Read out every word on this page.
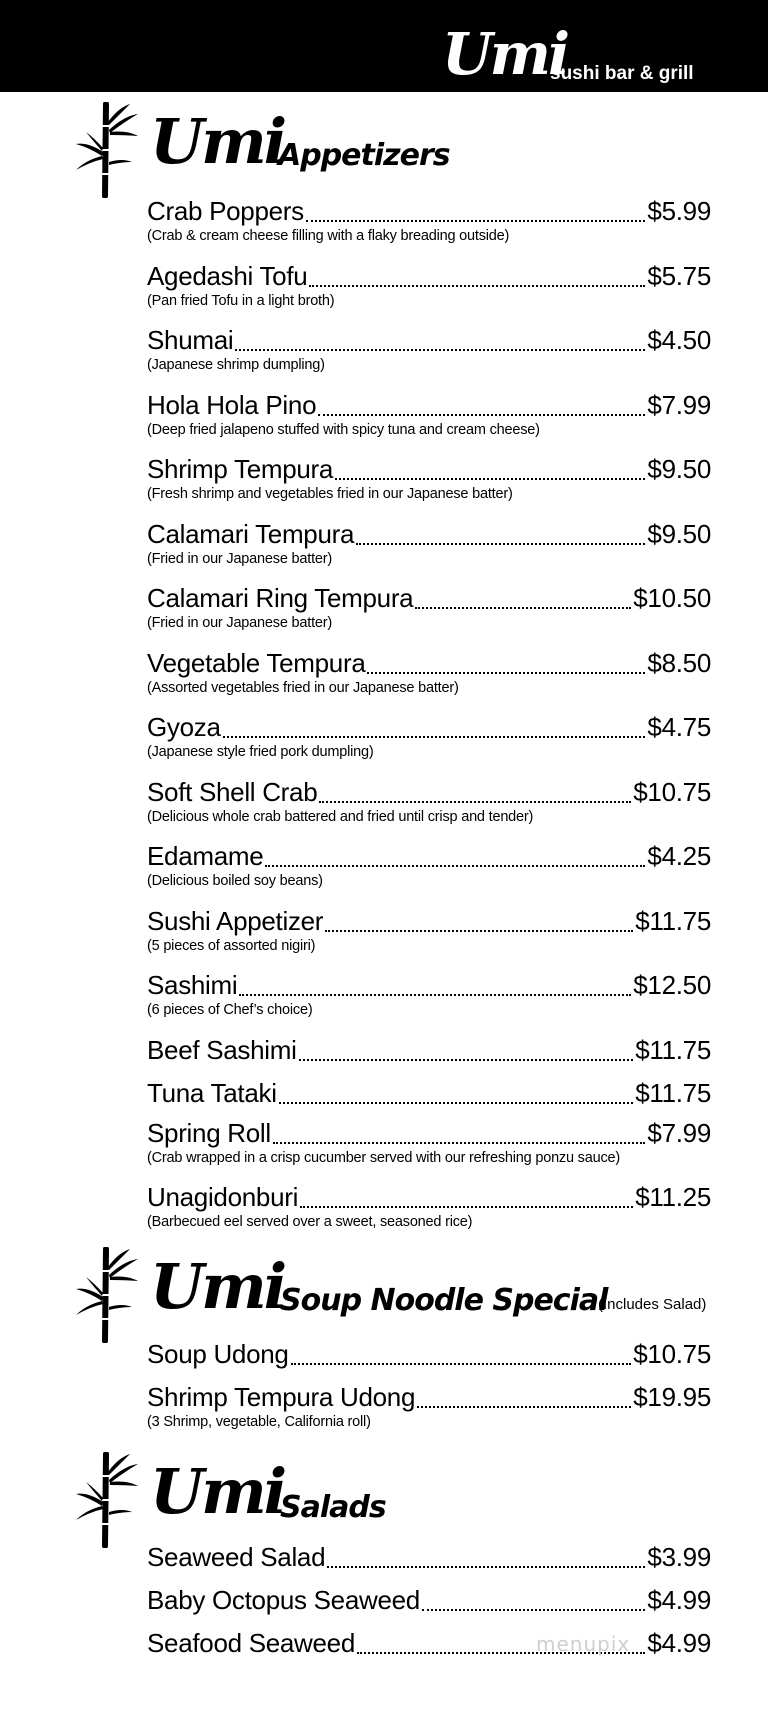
Umi
sushi bar & grill
Umi
Appetizers
Crab Poppers	$5.99
(Crab & cream cheese filling with a flaky breading outside)
Agedashi Tofu	$5.75
(Pan fried Tofu in a light broth)
Shumai	$4.50
(Japanese shrimp dumpling)
Hola Hola Pino	$7.99
(Deep fried jalapeno stuffed with spicy tuna and cream cheese)
Shrimp Tempura	$9.50
(Fresh shrimp and vegetables fried in our Japanese batter)
Calamari Tempura	$9.50
(Fried in our Japanese batter)
Calamari Ring Tempura	$10.50
(Fried in our Japanese batter)
Vegetable Tempura	$8.50
(Assorted vegetables fried in our Japanese batter)
Gyoza	$4.75
(Japanese style fried pork dumpling)
Soft Shell Crab	$10.75
(Delicious whole crab battered and fried until crisp and tender)
Edamame	$4.25
(Delicious boiled soy beans)
Sushi Appetizer	$11.75
(5 pieces of assorted nigiri)
Sashimi	$12.50
(6 pieces of Chef’s choice)
Beef Sashimi	$11.75
Tuna Tataki	$11.75
Spring Roll	$7.99
(Crab wrapped in a crisp cucumber served with our refreshing ponzu sauce)
Unagidonburi	$11.25
(Barbecued eel served over a sweet, seasoned rice)
Umi
Soup Noodle Special
(Includes Salad)
Soup Udong	$10.75
Shrimp Tempura Udong	$19.95
(3 Shrimp, vegetable, California roll)
Umi
Salads
Seaweed Salad	$3.99
Baby Octopus Seaweed	$4.99
Seafood Seaweed	$4.99
menupix
